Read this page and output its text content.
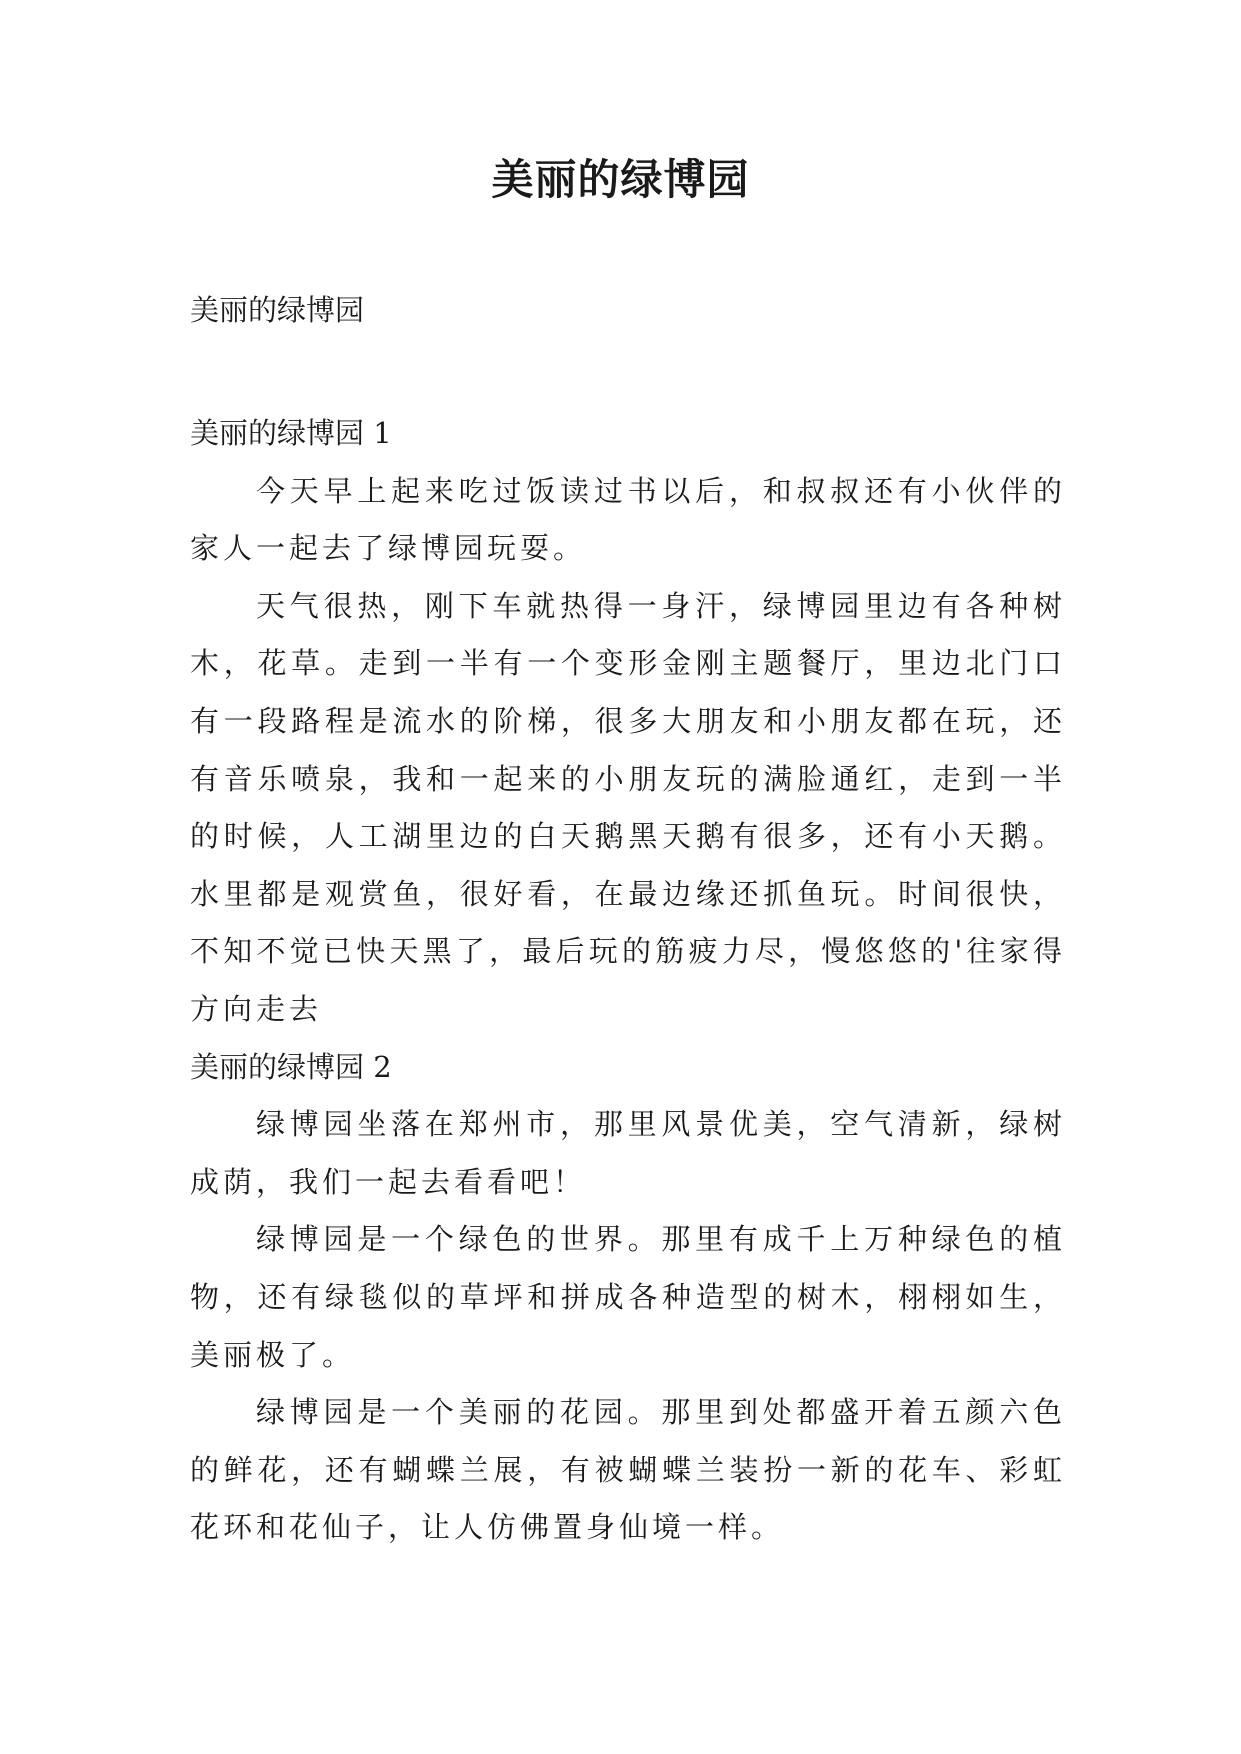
美丽的绿博园

美丽的绿博园

美丽的绿博园 1

今天早上起来吃过饭读过书以后，和叔叔还有小伙伴的家人一起去了绿博园玩耍。

天气很热，刚下车就热得一身汗，绿博园里边有各种树木，花草。走到一半有一个变形金刚主题餐厅，里边北门口有一段路程是流水的阶梯，很多大朋友和小朋友都在玩，还有音乐喷泉，我和一起来的小朋友玩的满脸通红，走到一半的时候，人工湖里边的白天鹅黑天鹅有很多，还有小天鹅。水里都是观赏鱼，很好看，在最边缘还抓鱼玩。时间很快，不知不觉已快天黑了，最后玩的筋疲力尽，慢悠悠的'往家得方向走去

美丽的绿博园 2

绿博园坐落在郑州市，那里风景优美，空气清新，绿树成荫，我们一起去看看吧！

绿博园是一个绿色的世界。那里有成千上万种绿色的植物，还有绿毯似的草坪和拼成各种造型的树木，栩栩如生，美丽极了。

绿博园是一个美丽的花园。那里到处都盛开着五颜六色的鲜花，还有蝴蝶兰展，有被蝴蝶兰装扮一新的花车、彩虹花环和花仙子，让人仿佛置身仙境一样。
